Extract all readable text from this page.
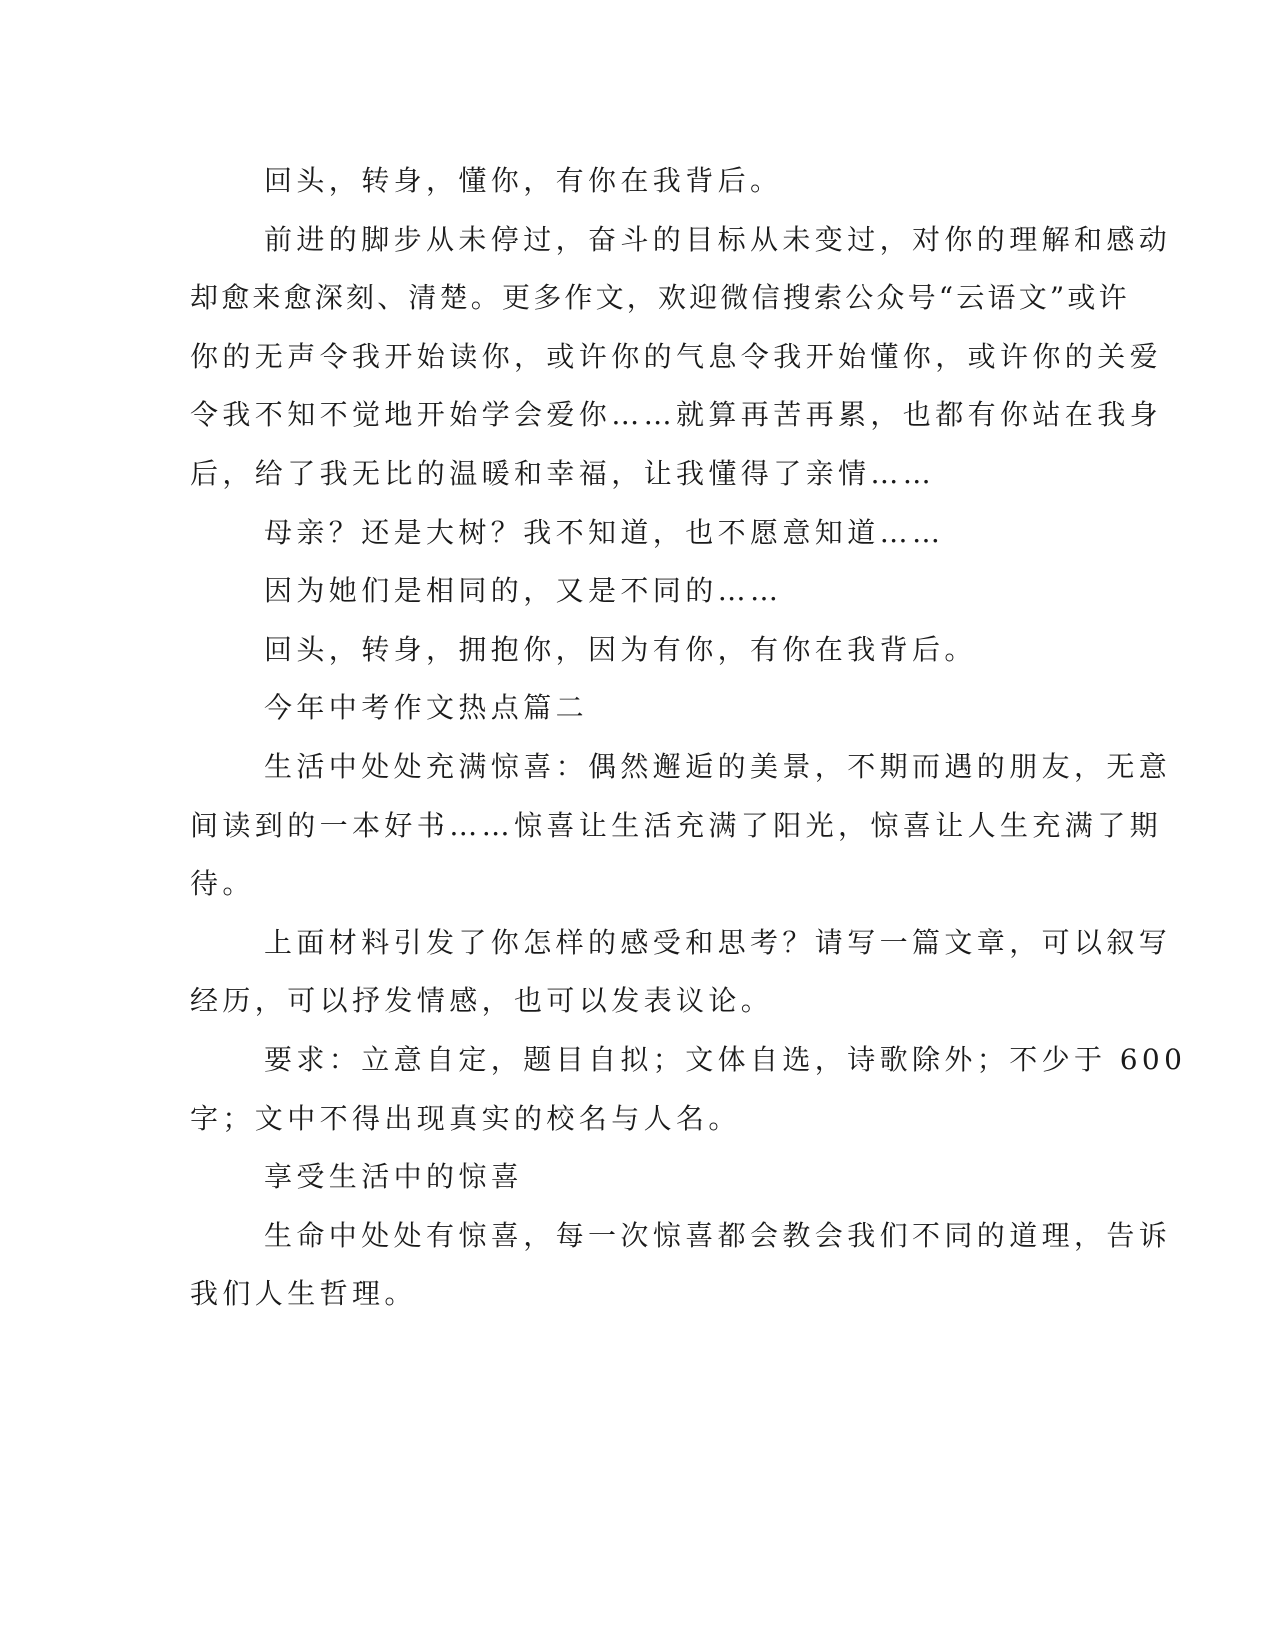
回头，转身，懂你，有你在我背后。
前进的脚步从未停过，奋斗的目标从未变过，对你的理解和感动
却愈来愈深刻、清楚。更多作文，欢迎微信搜索公众号“云语文”或许
你的无声令我开始读你，或许你的气息令我开始懂你，或许你的关爱
令我不知不觉地开始学会爱你……就算再苦再累，也都有你站在我身
后，给了我无比的温暖和幸福，让我懂得了亲情……
母亲？还是大树？我不知道，也不愿意知道……
因为她们是相同的，又是不同的……
回头，转身，拥抱你，因为有你，有你在我背后。
今年中考作文热点篇二
生活中处处充满惊喜：偶然邂逅的美景，不期而遇的朋友，无意
间读到的一本好书……惊喜让生活充满了阳光，惊喜让人生充满了期
待。
上面材料引发了你怎样的感受和思考？请写一篇文章，可以叙写
经历，可以抒发情感，也可以发表议论。
要求：立意自定，题目自拟；文体自选，诗歌除外；不少于 600
字；文中不得出现真实的校名与人名。
享受生活中的惊喜
生命中处处有惊喜，每一次惊喜都会教会我们不同的道理，告诉
我们人生哲理。
